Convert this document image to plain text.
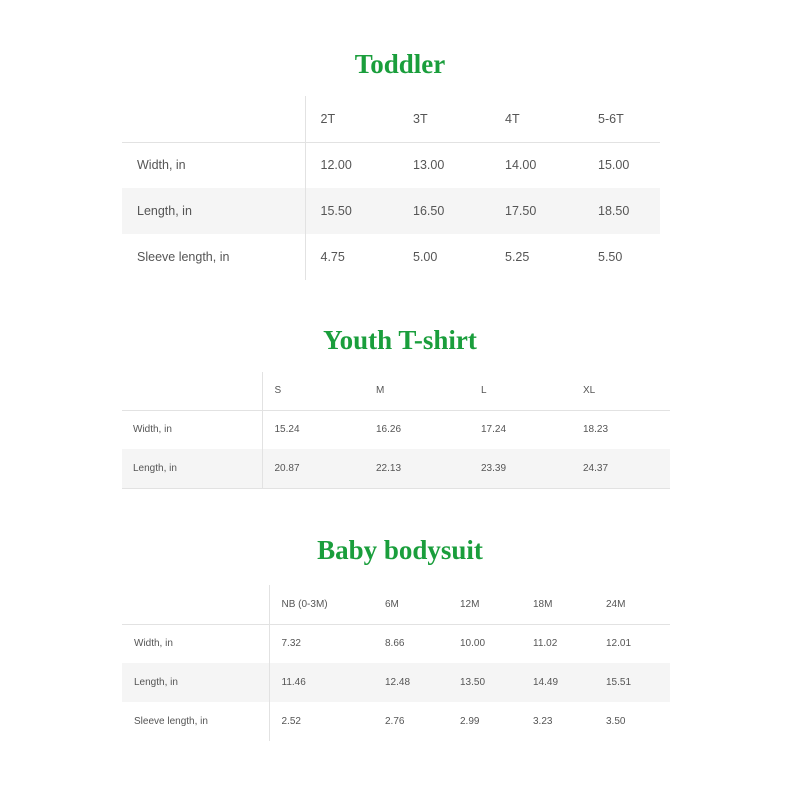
Toddler
	2T	3T	4T	5-6T
Width, in	12.00	13.00	14.00	15.00
Length, in	15.50	16.50	17.50	18.50
Sleeve length, in	4.75	5.00	5.25	5.50
Youth T-shirt
	S	M	L	XL
Width, in	15.24	16.26	17.24	18.23
Length, in	20.87	22.13	23.39	24.37
Baby bodysuit
	NB (0-3M)	6M	12M	18M	24M
Width, in	7.32	8.66	10.00	11.02	12.01
Length, in	11.46	12.48	13.50	14.49	15.51
Sleeve length, in	2.52	2.76	2.99	3.23	3.50
